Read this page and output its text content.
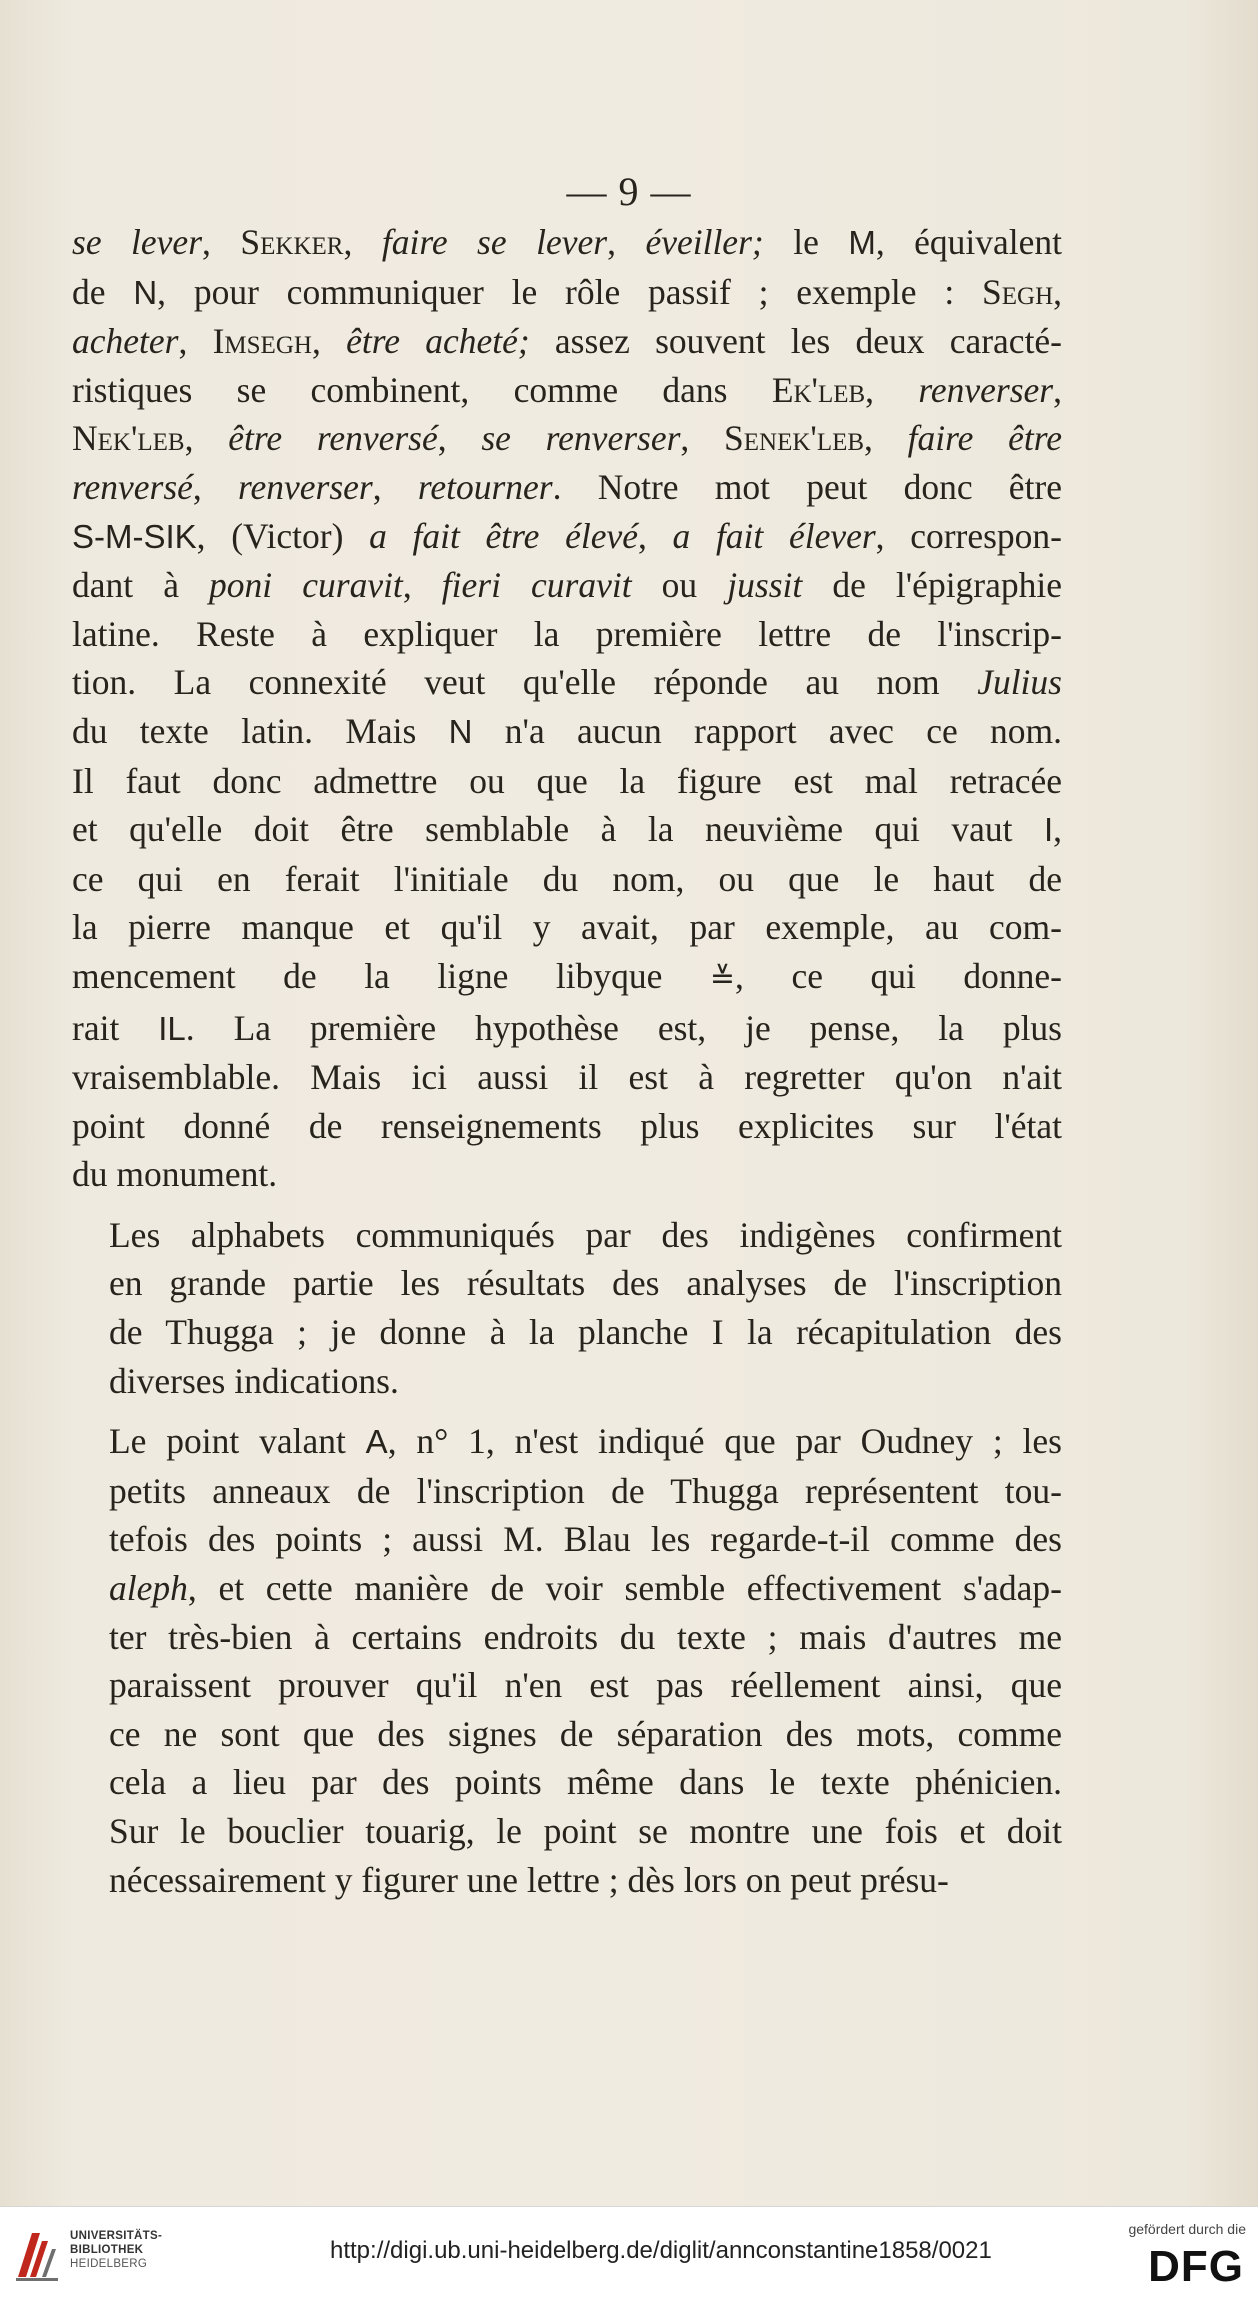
— 9 —
se lever, Sekker, faire se lever, éveiller; le M, équivalent
de N, pour communiquer le rôle passif ; exemple : Segh,
acheter, Imsegh, être acheté; assez souvent les deux caracté-
ristiques se combinent, comme dans Ek'leb, renverser,
Nek'leb, être renversé, se renverser, Senek'leb, faire être
renversé, renverser, retourner. Notre mot peut donc être
S-M-SIK, (Victor) a fait être élevé, a fait élever, correspon-
dant à poni curavit, fieri curavit ou jussit de l'épigraphie
latine. Reste à expliquer la première lettre de l'inscrip-
tion. La connexité veut qu'elle réponde au nom Julius
du texte latin. Mais N n'a aucun rapport avec ce nom.
Il faut donc admettre ou que la figure est mal retracée
et qu'elle doit être semblable à la neuvième qui vaut I,
ce qui en ferait l'initiale du nom, ou que le haut de
la pierre manque et qu'il y avait, par exemple, au com-
mencement de la ligne libyque ≚, ce qui donne-
rait IL. La première hypothèse est, je pense, la plus
vraisemblable. Mais ici aussi il est à regretter qu'on n'ait
point donné de renseignements plus explicites sur l'état
du monument.
Les alphabets communiqués par des indigènes confirment
en grande partie les résultats des analyses de l'inscription
de Thugga ; je donne à la planche I la récapitulation des
diverses indications.
Le point valant A, n° 1, n'est indiqué que par Oudney ; les
petits anneaux de l'inscription de Thugga représentent tou-
tefois des points ; aussi M. Blau les regarde-t-il comme des
aleph, et cette manière de voir semble effectivement s'adap-
ter très-bien à certains endroits du texte ; mais d'autres me
paraissent prouver qu'il n'en est pas réellement ainsi, que
ce ne sont que des signes de séparation des mots, comme
cela a lieu par des points même dans le texte phénicien.
Sur le bouclier touarig, le point se montre une fois et doit
nécessairement y figurer une lettre ; dès lors on peut présu-
UNIVERSITÄTS-
BIBLIOTHEK
HEIDELBERG	http://digi.ub.uni-heidelberg.de/diglit/annconstantine1858/0021
gefördert durch die
DFG
